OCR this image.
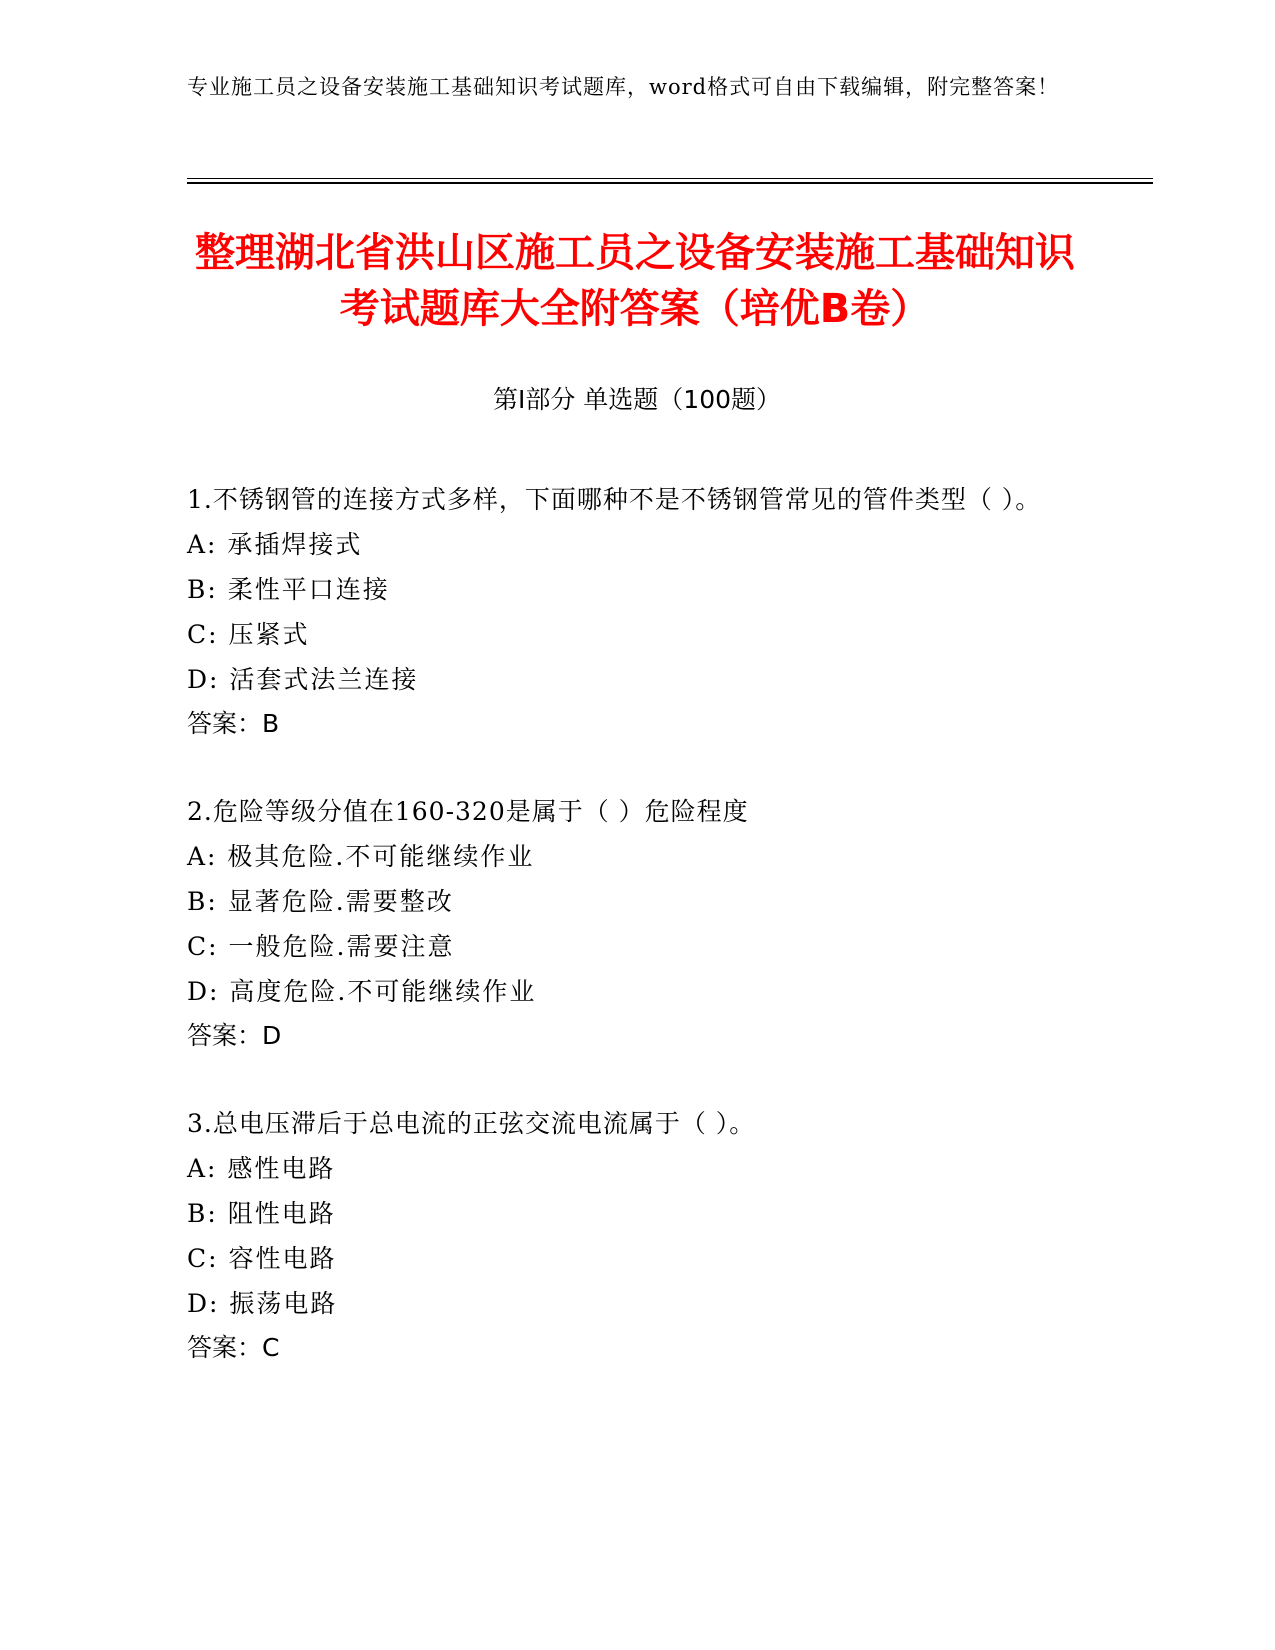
专业施工员之设备安装施工基础知识考试题库，word格式可自由下载编辑，附完整答案！
整理湖北省洪山区施工员之设备安装施工基础知识考试题库大全附答案（培优B卷）
第Ⅰ部分 单选题（100题）
1.不锈钢管的连接方式多样，下面哪种不是不锈钢管常见的管件类型（ ）。
A: 承插焊接式
B: 柔性平口连接
C: 压紧式
D: 活套式法兰连接
答案：B
2.危险等级分值在160-320是属于（ ）危险程度
A: 极其危险.不可能继续作业
B: 显著危险.需要整改
C: 一般危险.需要注意
D: 高度危险.不可能继续作业
答案：D
3.总电压滞后于总电流的正弦交流电流属于（ ）。
A: 感性电路
B: 阻性电路
C: 容性电路
D: 振荡电路
答案：C
